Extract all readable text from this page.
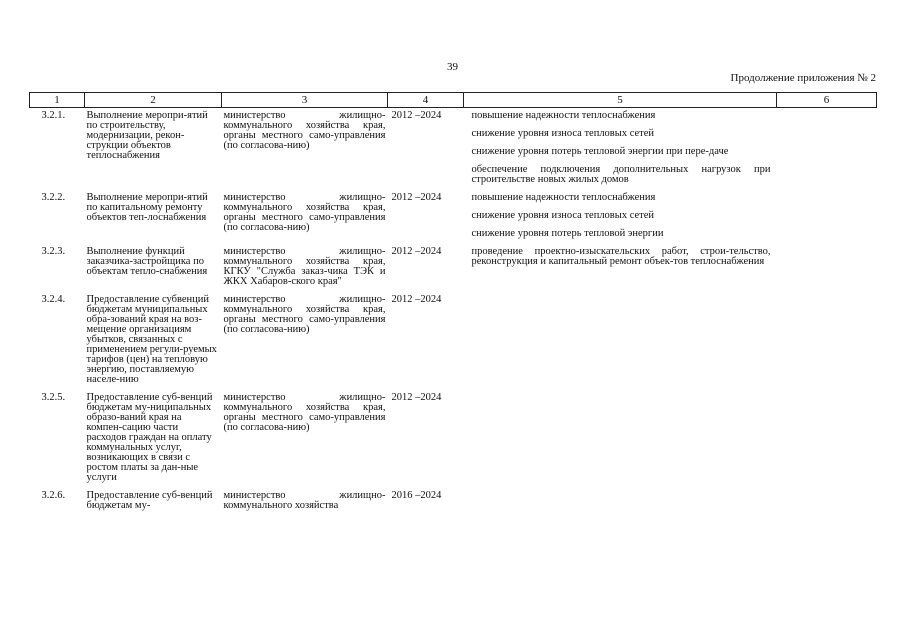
39
Продолжение приложения № 2
1	2	3	4	5	6
3.2.1.	Выполнение меропри-ятий по строительству, модернизации, рекон-струкции объектов теплоснабжения	министерство жилищно-коммунального хозяйства края, органы местного само-управления (по согласова-нию)	2012 –2024	повышение надежности теплоснабжения
снижение уровня износа тепловых сетей
снижение уровня потерь тепловой энергии при пере-даче
обеспечение подключения дополнительных нагрузок при строительстве новых жилых домов	

3.2.2.	Выполнение меропри-ятий по капитальному ремонту объектов теп-лоснабжения	министерство жилищно-коммунального хозяйства края, органы местного само-управления (по согласова-нию)	2012 –2024	повышение надежности теплоснабжения
снижение уровня износа тепловых сетей
снижение уровня потерь тепловой энергии	

3.2.3.	Выполнение функций заказчика-застройщика по объектам тепло-снабжения	министерство жилищно-коммунального хозяйства края, КГКУ "Служба заказ-чика ТЭК и ЖКХ Хабаров-ского края"	2012 –2024	проведение проектно-изыскательских работ, строи-тельство, реконструкция и капитальный ремонт объек-тов теплоснабжения	

3.2.4.	Предоставление субвенций бюджетам муниципальных обра-зований края на воз-мещение организациям убытков, связанных с применением регули-руемых тарифов (цен) на тепловую энергию, поставляемую населе-нию	министерство жилищно-коммунального хозяйства края, органы местного само-управления (по согласова-нию)	2012 –2024		
3.2.5.	Предоставление суб-венций бюджетам му-ниципальных образо-ваний края на компен-сацию части расходов граждан на оплату коммунальных услуг, возникающих в связи с ростом платы за дан-ные услуги	министерство жилищно-коммунального хозяйства края, органы местного само-управления (по согласова-нию)	2012 –2024		
3.2.6.	Предоставление суб-венций бюджетам му-	министерство жилищно-коммунального хозяйства	2016 –2024		
